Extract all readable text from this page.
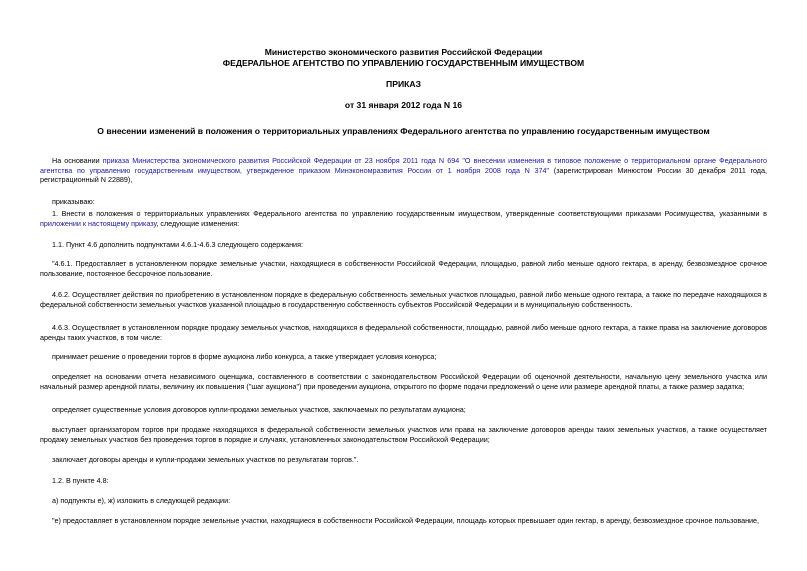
Министерство экономического развития Российской Федерации
ФЕДЕРАЛЬНОЕ АГЕНТСТВО ПО УПРАВЛЕНИЮ ГОСУДАРСТВЕННЫМ ИМУЩЕСТВОМ
ПРИКАЗ
от 31 января 2012 года N 16
О внесении изменений в положения о территориальных управлениях Федерального агентства по управлению государственным имуществом
На основании приказа Министерства экономического развития Российской Федерации от 23 ноября 2011 года N 694 "О внесении изменения в типовое положение о территориальном органе Федерального агентства по управлению государственным имуществом, утвержденное приказом Минэкономразвития России от 1 ноября 2008 года N 374" (зарегистрирован Минюстом России 30 декабря 2011 года, регистрационный N 22889),
приказываю:
1. Внести в положения о территориальных управлениях Федерального агентства по управлению государственным имуществом, утвержденные соответствующими приказами Росимущества, указанными в приложении к настоящему приказу, следующие изменения:
1.1. Пункт 4.6 дополнить подпунктами 4.6.1-4.6.3 следующего содержания:
"4.6.1. Предоставляет в установленном порядке земельные участки, находящиеся в собственности Российской Федерации, площадью, равной либо меньше одного гектара, в аренду, безвозмездное срочное пользование, постоянное бессрочное пользование.
4.6.2. Осуществляет действия по приобретению в установленном порядке в федеральную собственность земельных участков площадью, равной либо меньше одного гектара, а также по передаче находящихся в федеральной собственности земельных участков указанной площадью в государственную собственность субъектов Российской Федерации и в муниципальную собственность.
4.6.3. Осуществляет в установленном порядке продажу земельных участков, находящихся в федеральной собственности, площадью, равной либо меньше одного гектара, а также права на заключение договоров аренды таких участков, в том числе:
принимает решение о проведении торгов в форме аукциона либо конкурса, а также утверждает условия конкурса;
определяет на основании отчета независимого оценщика, составленного в соответствии с законодательством Российской Федерации об оценочной деятельности, начальную цену земельного участка или начальный размер арендной платы, величину их повышения ("шаг аукциона") при проведении аукциона, открытого по форме подачи предложений о цене или размере арендной платы, а также размер задатка;
определяет существенные условия договоров купли-продажи земельных участков, заключаемых по результатам аукциона;
выступает организатором торгов при продаже находящихся в федеральной собственности земельных участков или права на заключение договоров аренды таких земельных участков, а также осуществляет продажу земельных участков без проведения торгов в порядке и случаях, установленных законодательством Российской Федерации;
заключает договоры аренды и купли-продажи земельных участков по результатам торгов.".
1.2. В пункте 4.8:
а) подпункты е), ж) изложить в следующей редакции:
"е) предоставляет в установленном порядке земельные участки, находящиеся в собственности Российской Федерации, площадь которых превышает один гектар, в аренду, безвозмездное срочное пользование,
